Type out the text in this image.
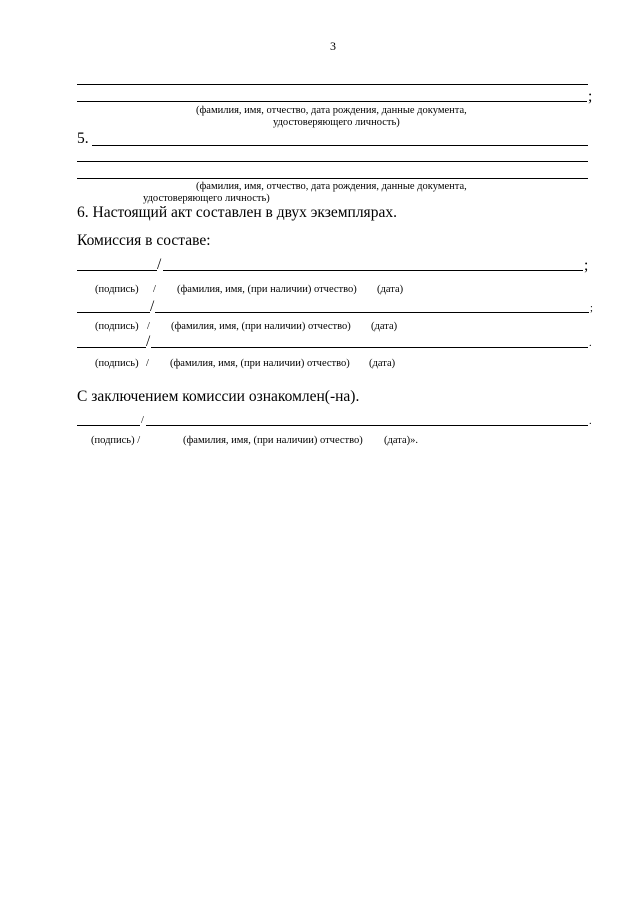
3
;
(фамилия, имя, отчество, дата рождения, данные документа,
удостоверяющего личность)
5.
(фамилия, имя, отчество, дата рождения, данные документа,
удостоверяющего личность)
6. Настоящий акт составлен в двух экземплярах.
Комиссия в составе:
/	;
(подпись) / (фамилия, имя, (при наличии) отчество) (дата)
/	;
(подпись) / (фамилия, имя, (при наличии) отчество) (дата)
/	.
(подпись) / (фамилия, имя, (при наличии) отчество) (дата)
С заключением комиссии ознакомлен(-на).
/	.
(подпись) /	(фамилия, имя, (при наличии) отчество) (дата)».
